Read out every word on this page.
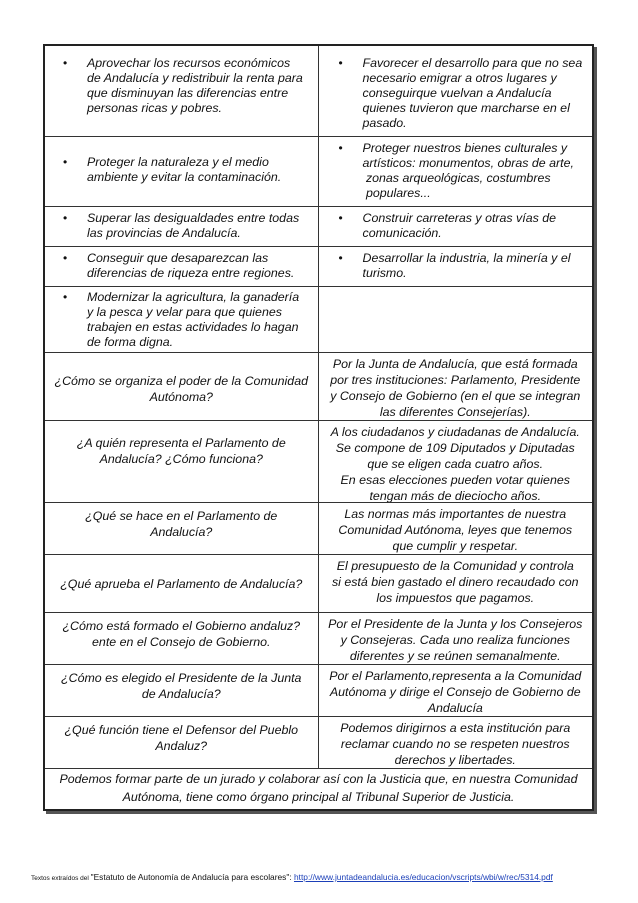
• Aprovechar los recursos económicos
de Andalucía y redistribuir la renta para
que disminuyan las diferencias entre
personas ricas y pobres.
• Favorecer el desarrollo para que no sea
necesario emigrar a otros lugares y
conseguirque vuelvan a Andalucía
quienes tuvieron que marcharse en el
pasado.
• Proteger la naturaleza y el medio
ambiente y evitar la contaminación.
• Proteger nuestros bienes culturales y
artísticos: monumentos, obras de arte,
zonas arqueológicas, costumbres
populares...
• Superar las desigualdades entre todas
las provincias de Andalucía.
• Construir carreteras y otras vías de
comunicación.
• Conseguir que desaparezcan las
diferencias de riqueza entre regiones.
• Desarrollar la industria, la minería y el
turismo.
• Modernizar la agricultura, la ganadería
y la pesca y velar para que quienes
trabajen en estas actividades lo hagan
de forma digna.
¿Cómo se organiza el poder de la Comunidad
Autónoma?
Por la Junta de Andalucía, que está formada
por tres instituciones: Parlamento, Presidente
y Consejo de Gobierno (en el que se integran
las diferentes Consejerías).
¿A quién representa el Parlamento de
Andalucía? ¿Cómo funciona?
A los ciudadanos y ciudadanas de Andalucía.
Se compone de 109 Diputados y Diputadas
que se eligen cada cuatro años.
En esas elecciones pueden votar quienes
tengan más de dieciocho años.
¿Qué se hace en el Parlamento de
Andalucía?
Las normas más importantes de nuestra
Comunidad Autónoma, leyes que tenemos
que cumplir y respetar.
¿Qué aprueba el Parlamento de Andalucía?
El presupuesto de la Comunidad y controla
si está bien gastado el dinero recaudado con
los impuestos que pagamos.
¿Cómo está formado el Gobierno andaluz?
ente en el Consejo de Gobierno.
Por el Presidente de la Junta y los Consejeros
y Consejeras. Cada uno realiza funciones
diferentes y se reúnen semanalmente.
¿Cómo es elegido el Presidente de la Junta
de Andalucía?
Por el Parlamento,representa a la Comunidad
Autónoma y dirige el Consejo de Gobierno de
Andalucía
¿Qué función tiene el Defensor del Pueblo
Andaluz?
Podemos dirigirnos a esta institución para
reclamar cuando no se respeten nuestros
derechos y libertades.
Podemos formar parte de un jurado y colaborar así con la Justicia que, en nuestra Comunidad
Autónoma, tiene como órgano principal al Tribunal Superior de Justicia.
Textos extraídos del "Estatuto de Autonomía de Andalucía para escolares": http://www.juntadeandalucia.es/educacion/vscripts/wbi/w/rec/5314.pdf
